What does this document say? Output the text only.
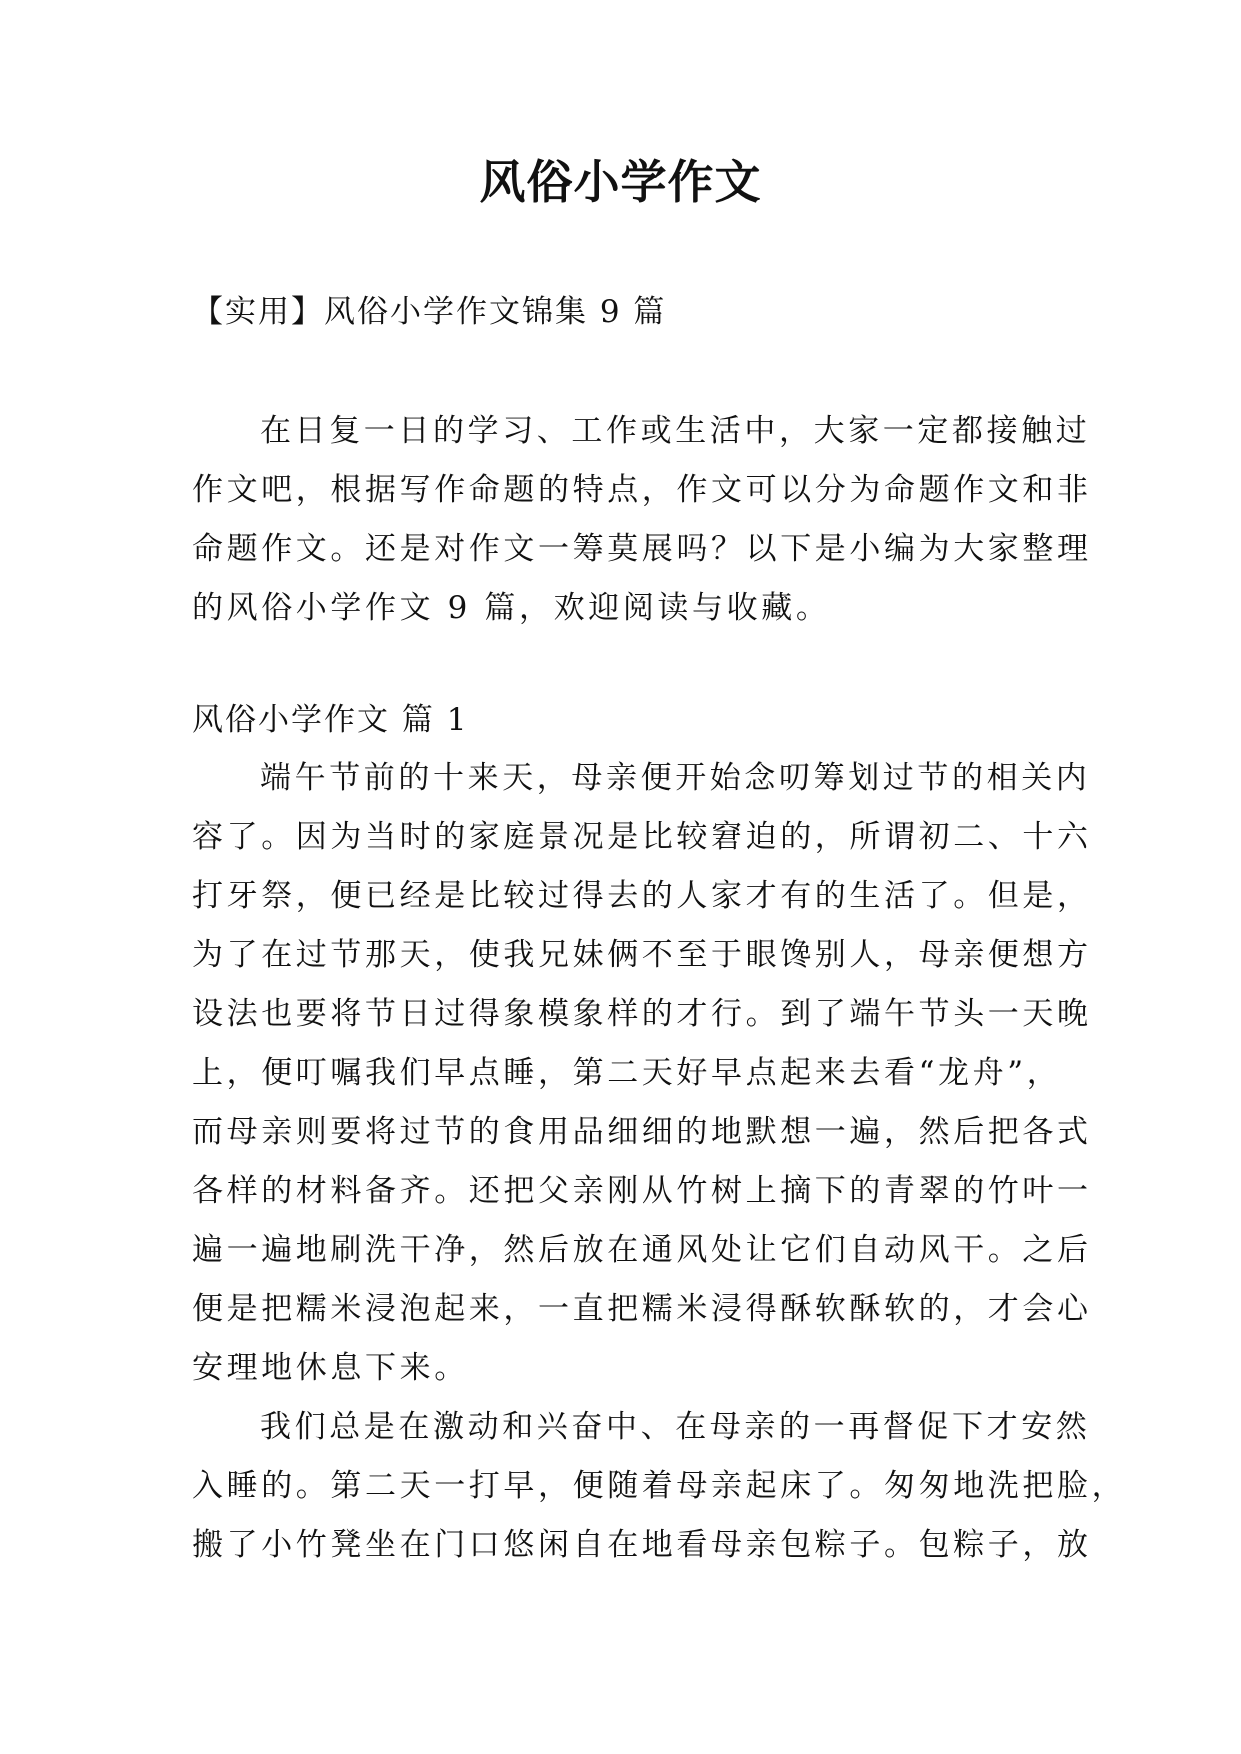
风俗小学作文
【实用】风俗小学作文锦集 9 篇
在日复一日的学习、工作或生活中，大家一定都接触过
作文吧，根据写作命题的特点，作文可以分为命题作文和非
命题作文。还是对作文一筹莫展吗？以下是小编为大家整理
的风俗小学作文 9 篇，欢迎阅读与收藏。
风俗小学作文 篇 1
端午节前的十来天，母亲便开始念叨筹划过节的相关内
容了。因为当时的家庭景况是比较窘迫的，所谓初二、十六
打牙祭，便已经是比较过得去的人家才有的生活了。但是，
为了在过节那天，使我兄妹俩不至于眼馋别人，母亲便想方
设法也要将节日过得象模象样的才行。到了端午节头一天晚
上，便叮嘱我们早点睡，第二天好早点起来去看“龙舟”，
而母亲则要将过节的食用品细细的地默想一遍，然后把各式
各样的材料备齐。还把父亲刚从竹树上摘下的青翠的竹叶一
遍一遍地刷洗干净，然后放在通风处让它们自动风干。之后
便是把糯米浸泡起来，一直把糯米浸得酥软酥软的，才会心
安理地休息下来。
我们总是在激动和兴奋中、在母亲的一再督促下才安然
入睡的。第二天一打早，便随着母亲起床了。匆匆地洗把脸，
搬了小竹凳坐在门口悠闲自在地看母亲包粽子。包粽子，放
